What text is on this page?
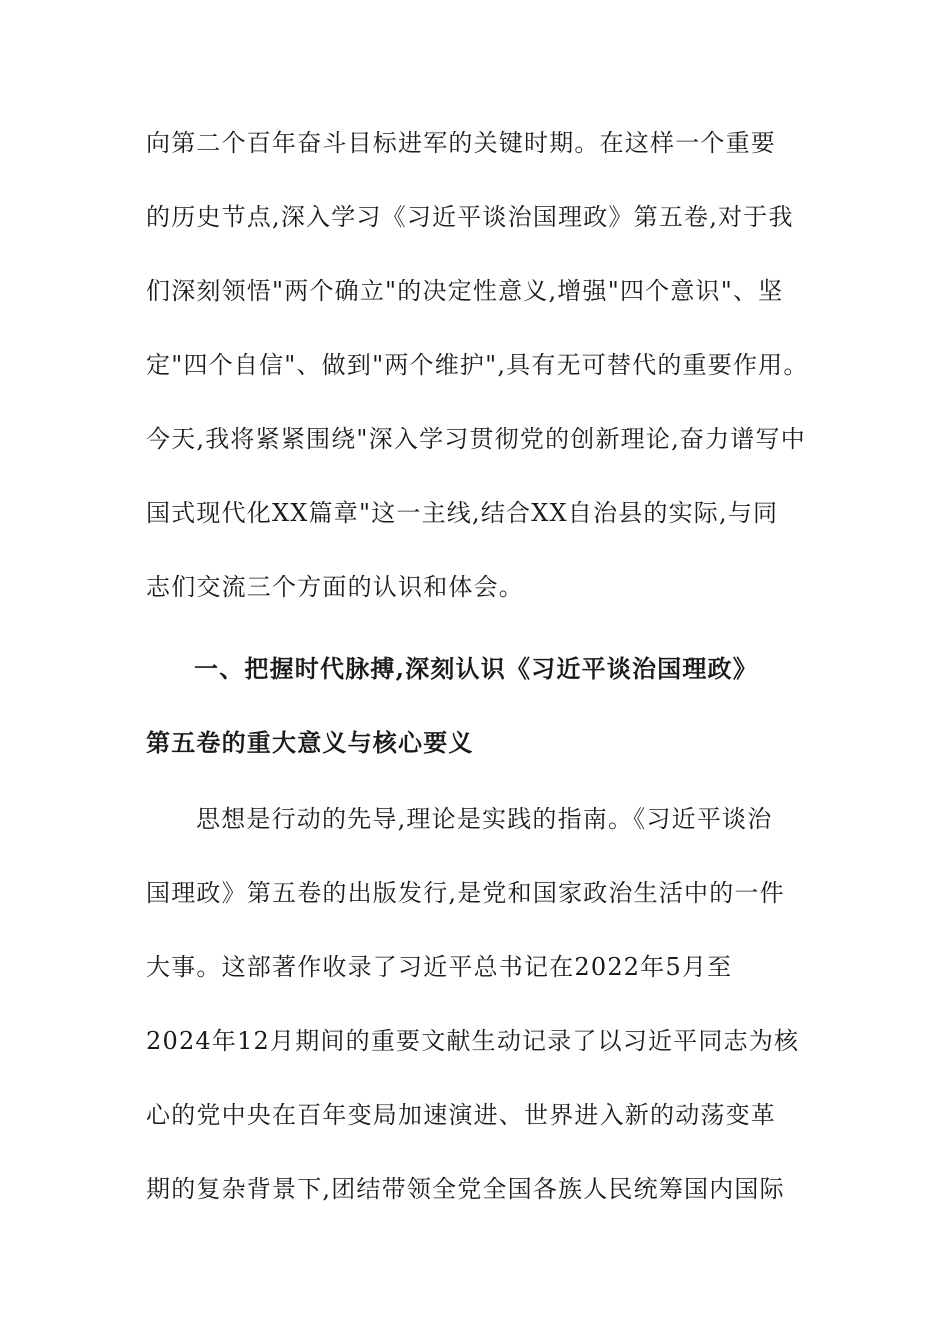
向第二个百年奋斗目标进军的关键时期。在这样一个重要
的历史节点,深入学习《习近平谈治国理政》第五卷,对于我
们深刻领悟"两个确立"的决定性意义,增强"四个意识"、坚
定"四个自信"、做到"两个维护",具有无可替代的重要作用。
今天,我将紧紧围绕"深入学习贯彻党的创新理论,奋力谱写中
国式现代化XX篇章"这一主线,结合XX自治县的实际,与同
志们交流三个方面的认识和体会。
一、把握时代脉搏,深刻认识《习近平谈治国理政》
第五卷的重大意义与核心要义
思想是行动的先导,理论是实践的指南。《习近平谈治
国理政》第五卷的出版发行,是党和国家政治生活中的一件
大事。这部著作收录了习近平总书记在2022年5月至
2024年12月期间的重要文献生动记录了以习近平同志为核
心的党中央在百年变局加速演进、世界进入新的动荡变革
期的复杂背景下,团结带领全党全国各族人民统筹国内国际
